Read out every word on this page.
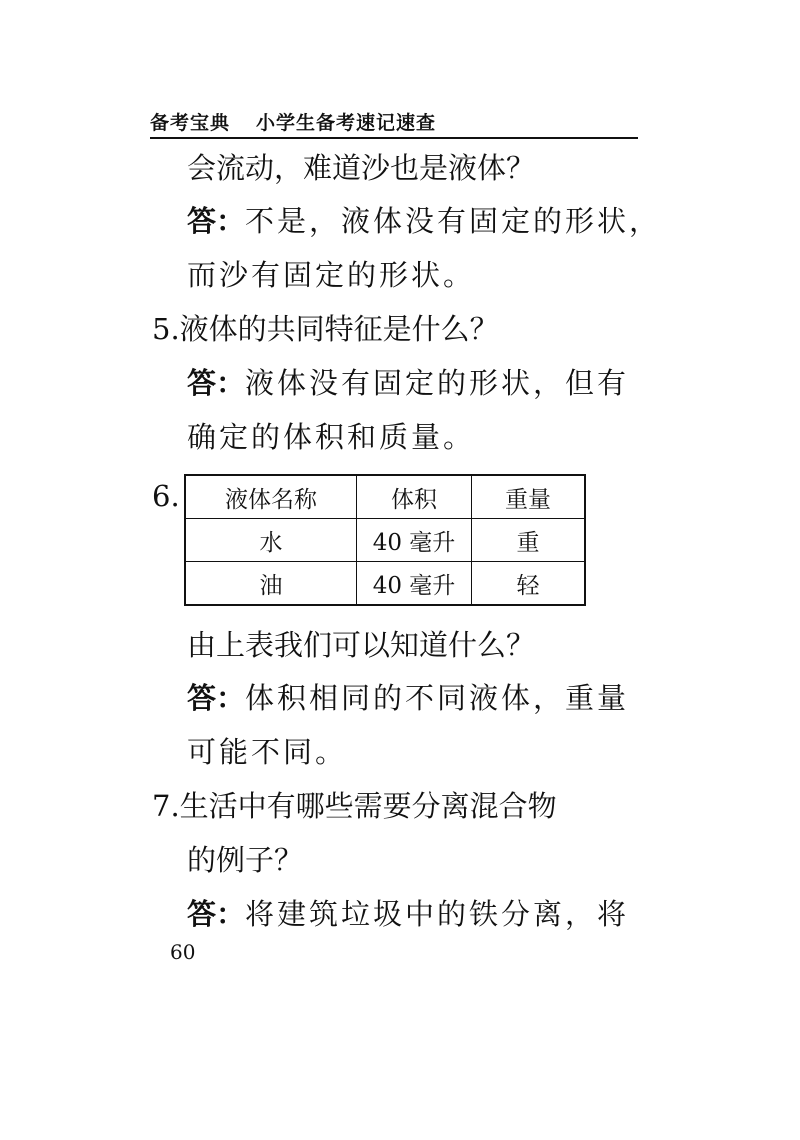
备考宝典 小学生备考速记速查
会流动，难道沙也是液体？
答：不是，液体没有固定的形状，
而沙有固定的形状。
5.液体的共同特征是什么？
答：液体没有固定的形状，但有
确定的体积和质量。
6. 液体名称	体积	重量
水	40 毫升	重
油	40 毫升	轻
由上表我们可以知道什么？
答：体积相同的不同液体，重量
可能不同。
7.生活中有哪些需要分离混合物
的例子？
答：将建筑垃圾中的铁分离，将
60
